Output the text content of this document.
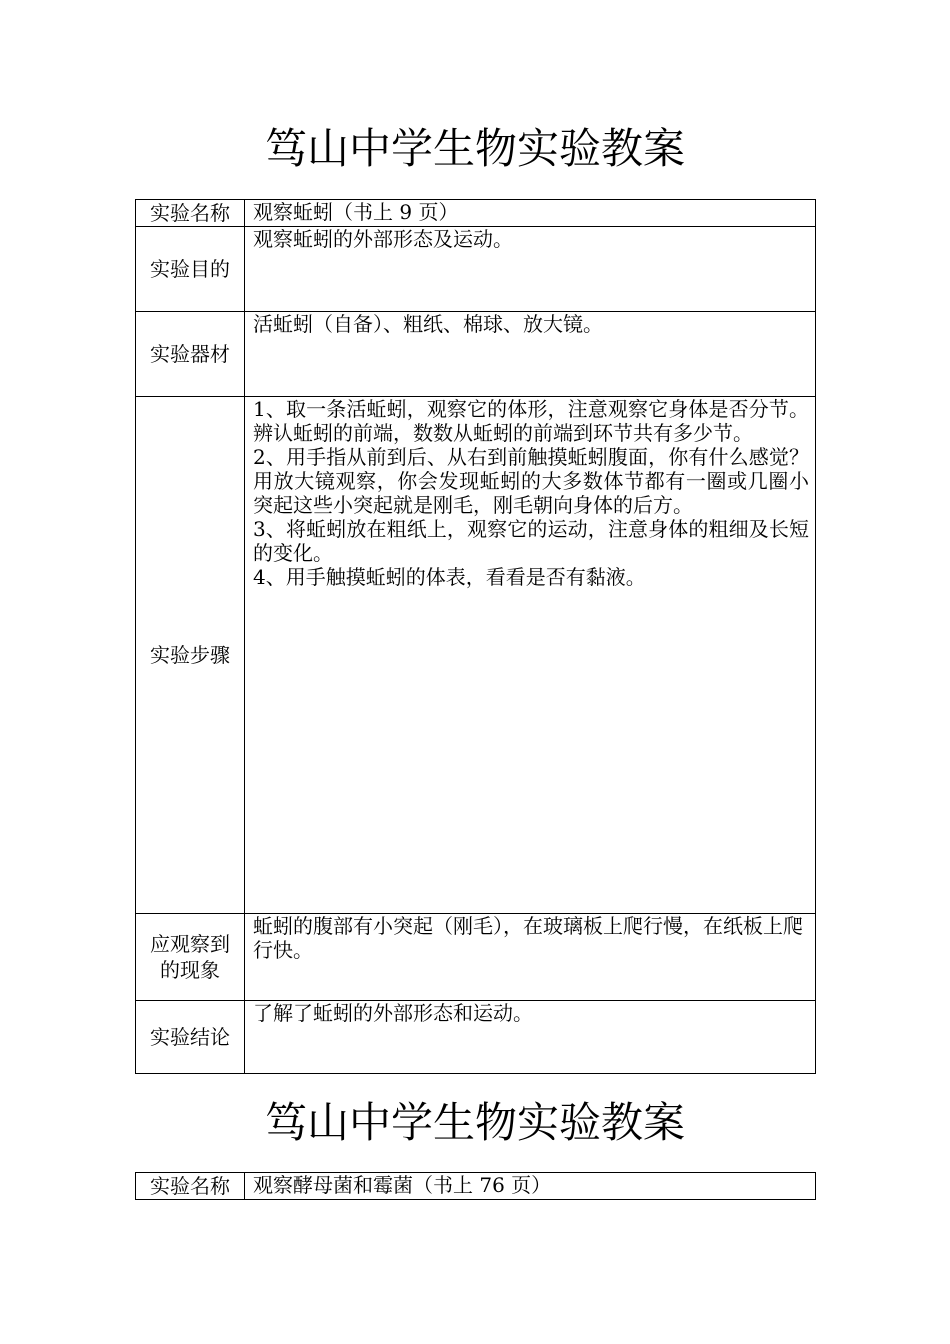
笃山中学生物实验教案
实验名称	观察蚯蚓（书上 9 页）
实验目的	观察蚯蚓的外部形态及运动。
实验器材	活蚯蚓（自备）、粗纸、棉球、放大镜。
实验步骤	1、取一条活蚯蚓，观察它的体形，注意观察它身体是否分节。辨认蚯蚓的前端，数数从蚯蚓的前端到环节共有多少节。
2、用手指从前到后、从右到前触摸蚯蚓腹面，你有什么感觉？用放大镜观察，你会发现蚯蚓的大多数体节都有一圈或几圈小突起这些小突起就是刚毛，刚毛朝向身体的后方。
3、将蚯蚓放在粗纸上，观察它的运动，注意身体的粗细及长短的变化。
4、用手触摸蚯蚓的体表，看看是否有黏液。

应观察到
的现象	蚯蚓的腹部有小突起（刚毛），在玻璃板上爬行慢，在纸板上爬行快。
实验结论	了解了蚯蚓的外部形态和运动。
笃山中学生物实验教案
实验名称	观察酵母菌和霉菌（书上 76 页）
